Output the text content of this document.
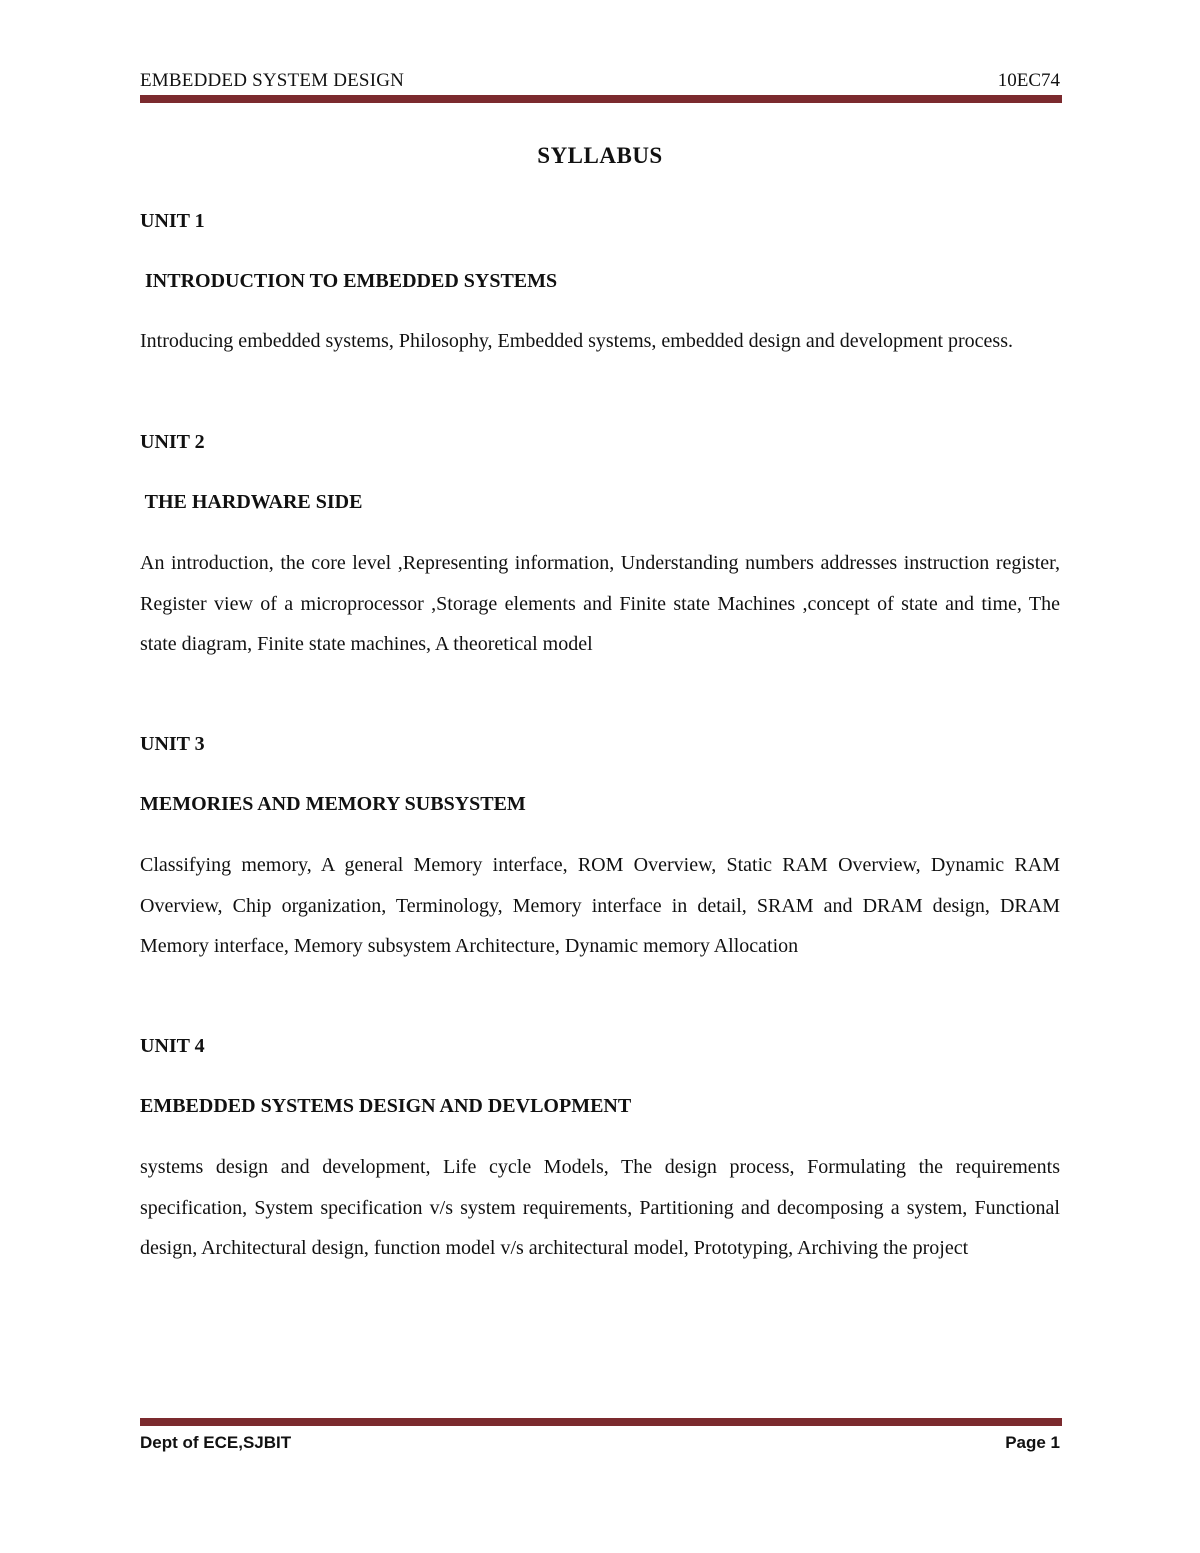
EMBEDDED SYSTEM DESIGN	10EC74
SYLLABUS
UNIT 1
INTRODUCTION TO EMBEDDED SYSTEMS
Introducing embedded systems, Philosophy, Embedded systems, embedded design and development process.
UNIT 2
THE HARDWARE SIDE
An introduction, the core level ,Representing information, Understanding numbers addresses instruction register, Register view of a microprocessor ,Storage elements and Finite state Machines ,concept of state and time, The state diagram, Finite state machines, A theoretical model
UNIT 3
MEMORIES AND MEMORY SUBSYSTEM
Classifying memory, A general Memory interface, ROM Overview, Static RAM Overview, Dynamic RAM Overview, Chip organization, Terminology, Memory interface in detail, SRAM and DRAM design, DRAM Memory interface, Memory subsystem Architecture, Dynamic memory Allocation
UNIT 4
EMBEDDED SYSTEMS DESIGN AND DEVLOPMENT
systems design and development, Life cycle Models, The design process, Formulating the requirements specification, System specification v/s system requirements, Partitioning and decomposing a system, Functional design, Architectural design, function model v/s architectural model, Prototyping, Archiving the project
Dept of ECE,SJBIT	Page 1
